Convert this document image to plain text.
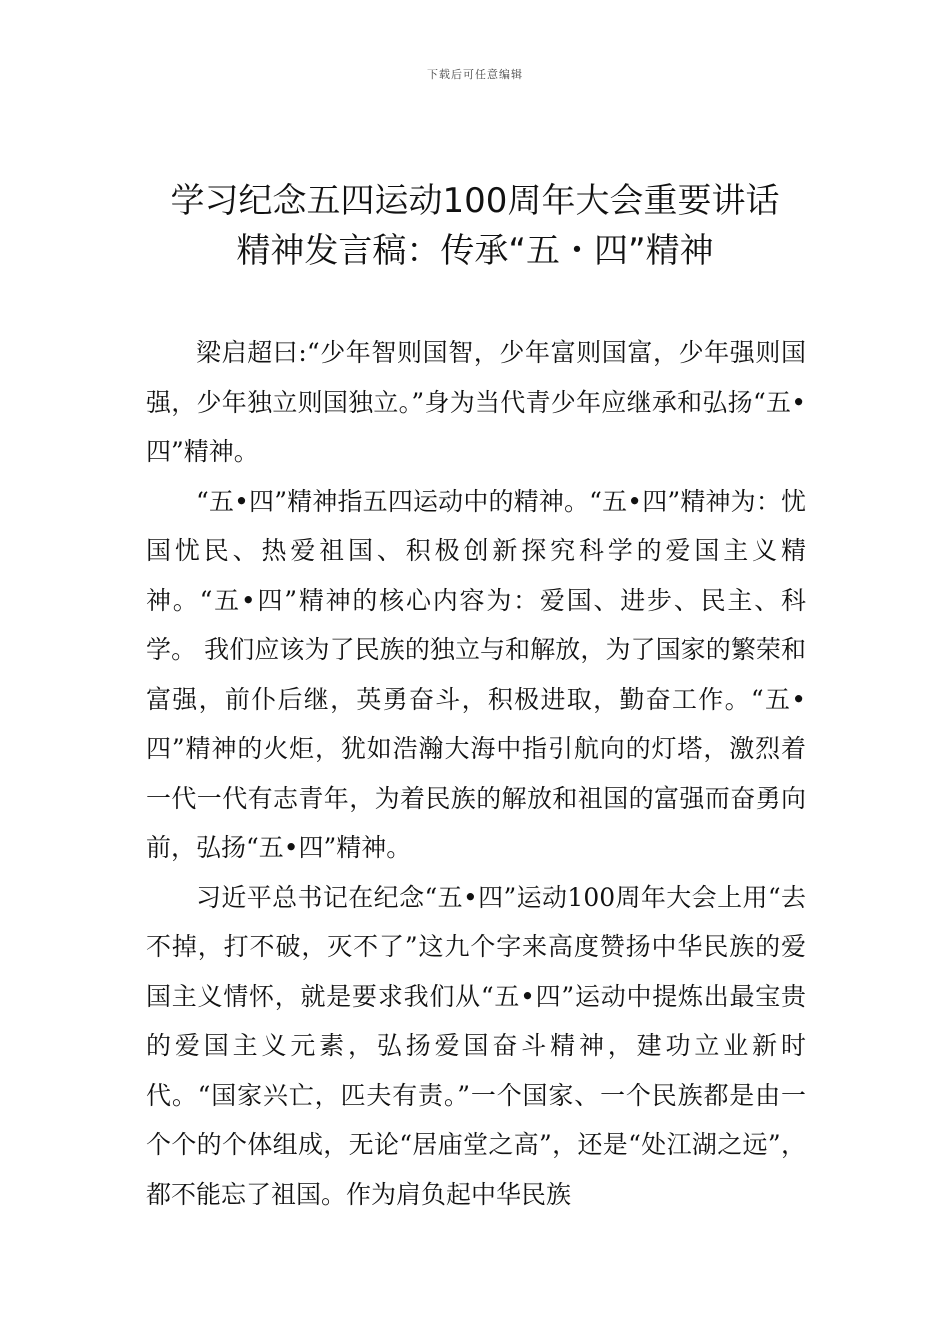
下载后可任意编辑
学习纪念五四运动100周年大会重要讲话
精神发言稿：传承“五・四”精神

梁启超曰:“少年智则国智，少年富则国富，少年强则国强，少年独立则国独立。”身为当代青少年应继承和弘扬“五•四”精神。

“五•四”精神指五四运动中的精神。“五•四”精神为：忧国忧民、热爱祖国、积极创新探究科学的爱国主义精神。“五•四”精神的核心内容为：爱国、进步、民主、科学。 我们应该为了民族的独立与和解放，为了国家的繁荣和富强，前仆后继，英勇奋斗，积极进取，勤奋工作。“五•四”精神的火炬，犹如浩瀚大海中指引航向的灯塔，激烈着一代一代有志青年，为着民族的解放和祖国的富强而奋勇向前，弘扬“五•四”精神。

习近平总书记在纪念“五•四”运动100周年大会上用“去不掉，打不破，灭不了”这九个字来高度赞扬中华民族的爱国主义情怀，就是要求我们从“五•四”运动中提炼出最宝贵的爱国主义元素，弘扬爱国奋斗精神，建功立业新时代。“国家兴亡，匹夫有责。”一个国家、一个民族都是由一个个的个体组成，无论“居庙堂之高”，还是“处江湖之远”，都不能忘了祖国。作为肩负起中华民族
